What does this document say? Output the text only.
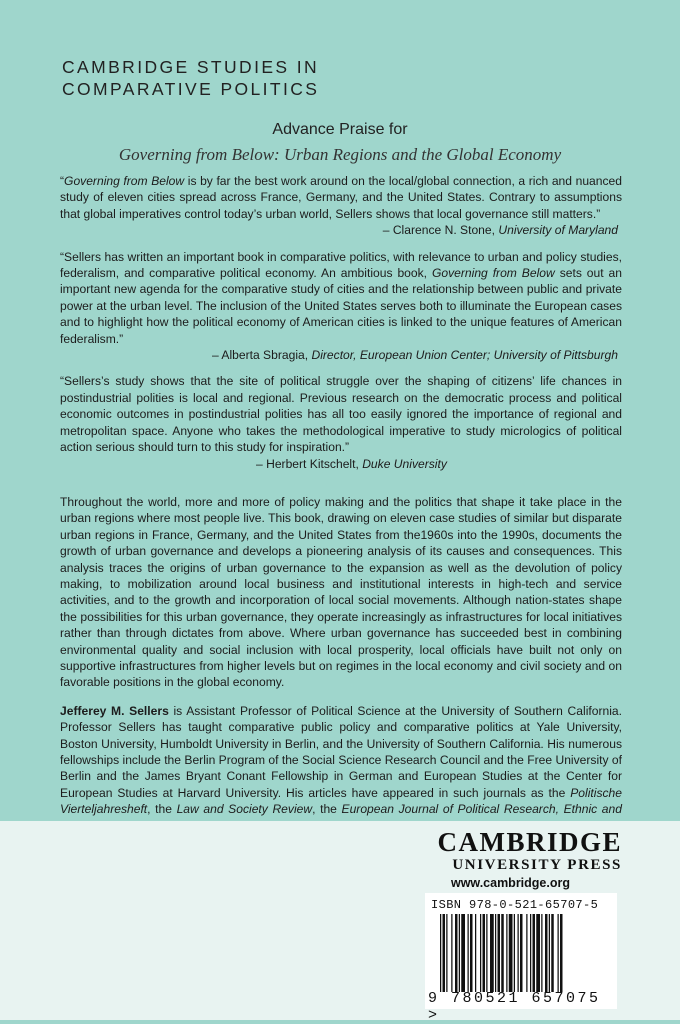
CAMBRIDGE STUDIES IN
COMPARATIVE POLITICS
Advance Praise for
Governing from Below: Urban Regions and the Global Economy
“Governing from Below is by far the best work around on the local/global connection, a rich and nuanced study of eleven cities spread across France, Germany, and the United States. Contrary to assumptions that global imperatives control today’s urban world, Sellers shows that local governance still matters.”
– Clarence N. Stone, University of Maryland
“Sellers has written an important book in comparative politics, with relevance to urban and policy studies, federalism, and comparative political economy. An ambitious book, Governing from Below sets out an important new agenda for the comparative study of cities and the relationship between public and private power at the urban level. The inclusion of the United States serves both to illuminate the European cases and to highlight how the political economy of American cities is linked to the unique features of American federalism.”
– Alberta Sbragia, Director, European Union Center; University of Pittsburgh
“Sellers’s study shows that the site of political struggle over the shaping of citizens’ life chances in postindustrial polities is local and regional. Previous research on the democratic process and political economic outcomes in postindustrial polities has all too easily ignored the importance of regional and metropolitan space. Anyone who takes the methodological imperative to study micrologics of political action serious should turn to this study for inspiration.”
– Herbert Kitschelt, Duke University

Throughout the world, more and more of policy making and the politics that shape it take place in the urban regions where most people live. This book, drawing on eleven case studies of similar but disparate urban regions in France, Germany, and the United States from the1960s into the 1990s, documents the growth of urban governance and develops a pioneering analysis of its causes and consequences. This analysis traces the origins of urban governance to the expansion as well as the devolution of policy making, to mobilization around local business and institutional interests in high-tech and service activities, and to the growth and incorporation of local social movements. Although nation-states shape the possibilities for this urban governance, they operate increasingly as infrastructures for local initiatives rather than through dictates from above. Where urban governance has succeeded best in combining environmental quality and social inclusion with local prosperity, local officials have built not only on supportive infrastructures from higher levels but on regimes in the local economy and civil society and on favorable positions in the global economy.

Jefferey M. Sellers is Assistant Professor of Political Science at the University of Southern California. Professor Sellers has taught comparative public policy and comparative politics at Yale University, Boston University, Humboldt University in Berlin, and the University of Southern California. His numerous fellowships include the Berlin Program of the Social Science Research Council and the Free University of Berlin and the James Bryant Conant Fellowship in German and European Studies at the Center for European Studies at Harvard University. His articles have appeared in such journals as the Politische Vierteljahresheft, the Law and Society Review, the European Journal of Political Research, Ethnic and

CAMBRIDGE
UNIVERSITY PRESS
www.cambridge.org
ISBN 978-0-521-65707-5
9 780521 657075 >
